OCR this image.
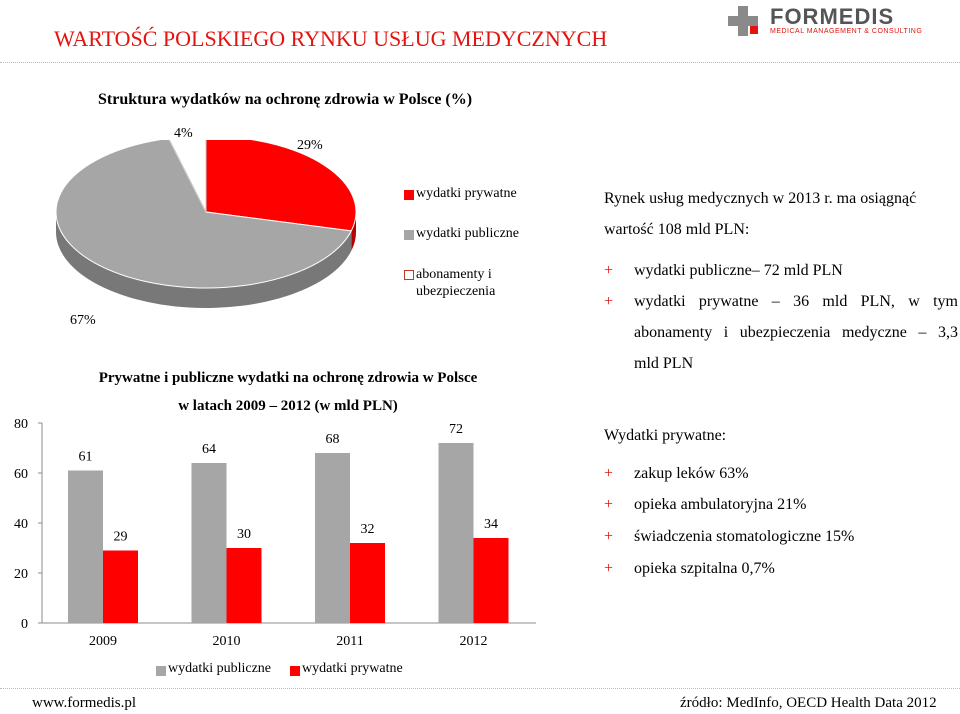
WARTOŚĆ POLSKIEGO RYNKU USŁUG MEDYCZNYCH
FORMEDIS
MEDICAL MANAGEMENT & CONSULTING
Struktura wydatków na ochronę zdrowia w Polsce (%)
4%
29%
67%
wydatki prywatne
wydatki publiczne
abonamenty i ubezpieczenia
Prywatne i publiczne wydatki na ochronę zdrowia w Polsce
w latach 2009 – 2012 (w mld PLN)
0
20
40
60
80
61
29
2009
64
30
2010
68
32
2011
72
34
2012
wydatki publiczne wydatki prywatne
Rynek usług medycznych w 2013 r. ma osiągnąć
wartość 108 mld PLN:
+ wydatki publiczne– 72 mld PLN
+ wydatki prywatne – 36 mld PLN, w tym
abonamenty i ubezpieczenia medyczne – 3,3
mld PLN
Wydatki prywatne:
+ zakup leków 63%
+ opieka ambulatoryjna 21%
+ świadczenia stomatologiczne 15%
+ opieka szpitalna 0,7%
www.formedis.pl	źródło: MedInfo, OECD Health Data 2012
